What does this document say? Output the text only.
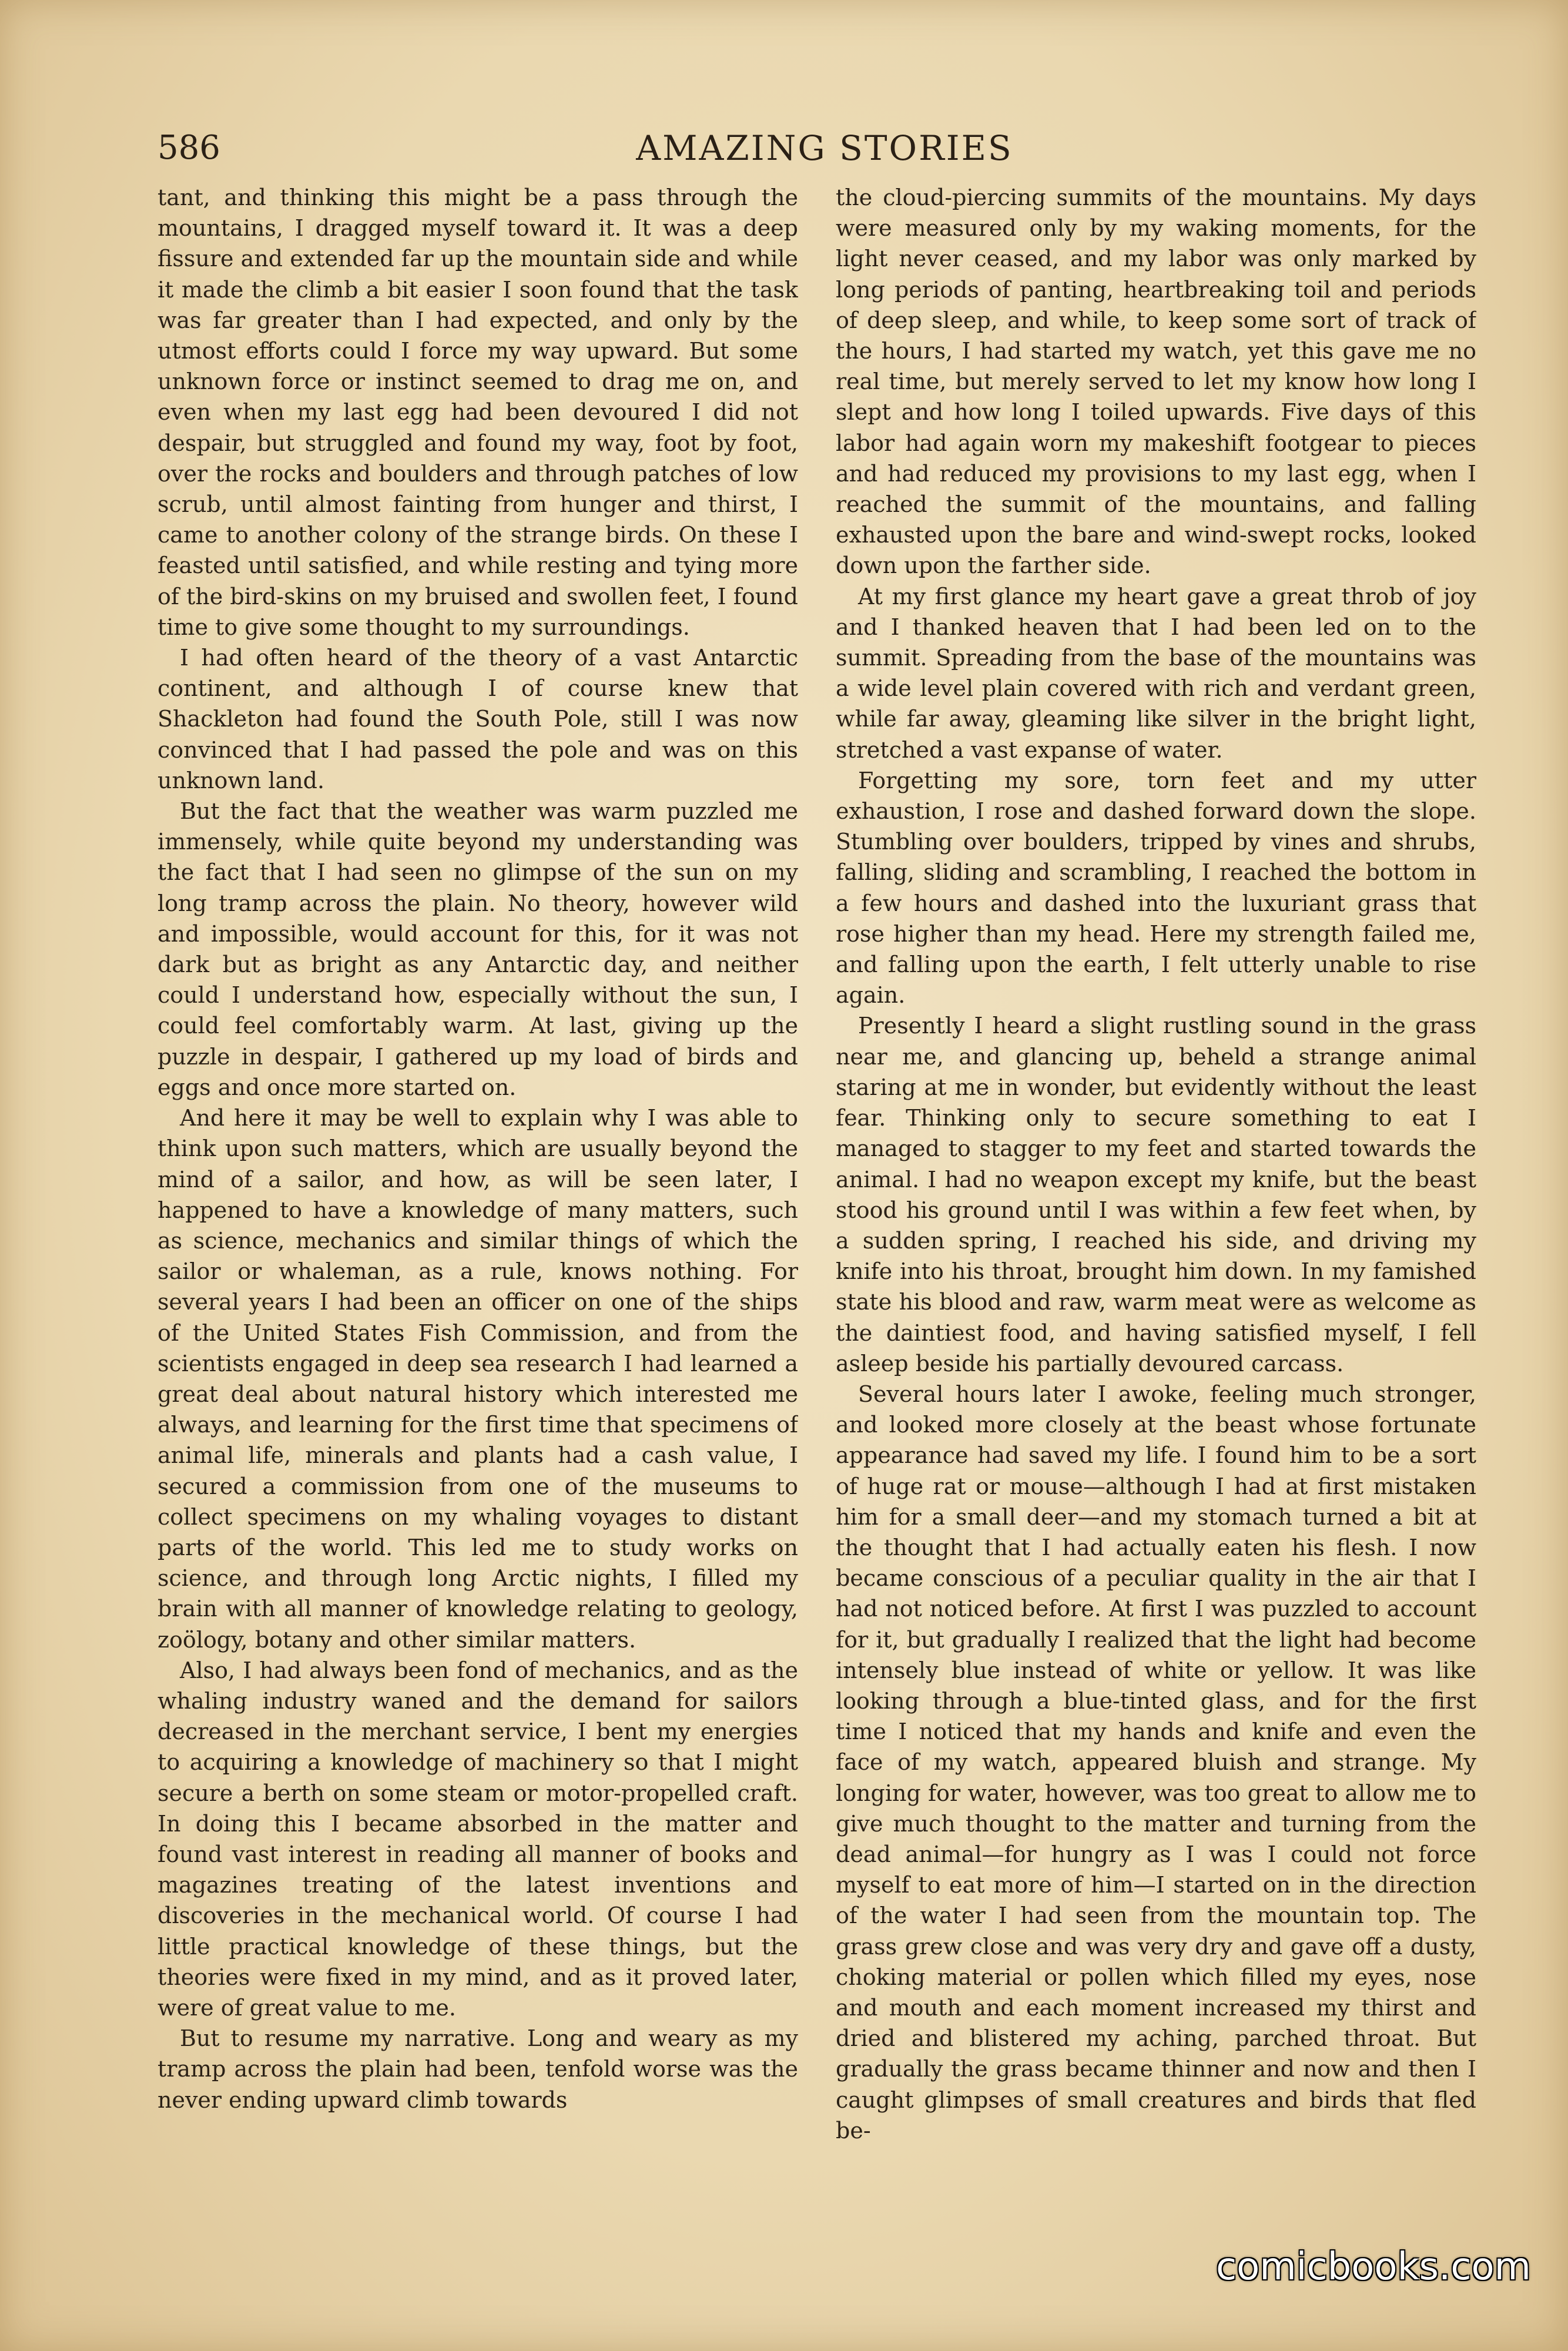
586	AMAZING STORIES

tant, and thinking this might be a pass through the mountains, I dragged myself toward it. It was a deep fissure and extended far up the mountain side and while it made the climb a bit easier I soon found that the task was far greater than I had expected, and only by the utmost efforts could I force my way upward. But some unknown force or instinct seemed to drag me on, and even when my last egg had been devoured I did not despair, but struggled and found my way, foot by foot, over the rocks and boulders and through patches of low scrub, until almost fainting from hunger and thirst, I came to another colony of the strange birds. On these I feasted until satisfied, and while resting and tying more of the bird-skins on my bruised and swollen feet, I found time to give some thought to my surroundings.

I had often heard of the theory of a vast Antarctic continent, and although I of course knew that Shackleton had found the South Pole, still I was now convinced that I had passed the pole and was on this unknown land.

But the fact that the weather was warm puzzled me immensely, while quite beyond my understanding was the fact that I had seen no glimpse of the sun on my long tramp across the plain. No theory, however wild and impossible, would account for this, for it was not dark but as bright as any Antarctic day, and neither could I understand how, especially without the sun, I could feel comfortably warm. At last, giving up the puzzle in despair, I gathered up my load of birds and eggs and once more started on.

And here it may be well to explain why I was able to think upon such matters, which are usually beyond the mind of a sailor, and how, as will be seen later, I happened to have a knowledge of many matters, such as science, mechanics and similar things of which the sailor or whaleman, as a rule, knows nothing. For several years I had been an officer on one of the ships of the United States Fish Commission, and from the scientists engaged in deep sea research I had learned a great deal about natural history which interested me always, and learning for the first time that specimens of animal life, minerals and plants had a cash value, I secured a commission from one of the museums to collect specimens on my whaling voyages to distant parts of the world. This led me to study works on science, and through long Arctic nights, I filled my brain with all manner of knowledge relating to geology, zoölogy, botany and other similar matters.

Also, I had always been fond of mechanics, and as the whaling industry waned and the demand for sailors decreased in the merchant service, I bent my energies to acquiring a knowledge of machinery so that I might secure a berth on some steam or motor-propelled craft. In doing this I became absorbed in the matter and found vast interest in reading all manner of books and magazines treating of the latest inventions and discoveries in the mechanical world. Of course I had little practical knowledge of these things, but the theories were fixed in my mind, and as it proved later, were of great value to me.

But to resume my narrative. Long and weary as my tramp across the plain had been, tenfold worse was the never ending upward climb towards

the cloud-piercing summits of the mountains. My days were measured only by my waking moments, for the light never ceased, and my labor was only marked by long periods of panting, heartbreaking toil and periods of deep sleep, and while, to keep some sort of track of the hours, I had started my watch, yet this gave me no real time, but merely served to let my know how long I slept and how long I toiled upwards. Five days of this labor had again worn my makeshift footgear to pieces and had reduced my provisions to my last egg, when I reached the summit of the mountains, and falling exhausted upon the bare and wind-swept rocks, looked down upon the farther side.

At my first glance my heart gave a great throb of joy and I thanked heaven that I had been led on to the summit. Spreading from the base of the mountains was a wide level plain covered with rich and verdant green, while far away, gleaming like silver in the bright light, stretched a vast expanse of water.

Forgetting my sore, torn feet and my utter exhaustion, I rose and dashed forward down the slope. Stumbling over boulders, tripped by vines and shrubs, falling, sliding and scrambling, I reached the bottom in a few hours and dashed into the luxuriant grass that rose higher than my head. Here my strength failed me, and falling upon the earth, I felt utterly unable to rise again.

Presently I heard a slight rustling sound in the grass near me, and glancing up, beheld a strange animal staring at me in wonder, but evidently without the least fear. Thinking only to secure something to eat I managed to stagger to my feet and started towards the animal. I had no weapon except my knife, but the beast stood his ground until I was within a few feet when, by a sudden spring, I reached his side, and driving my knife into his throat, brought him down. In my famished state his blood and raw, warm meat were as welcome as the daintiest food, and having satisfied myself, I fell asleep beside his partially devoured carcass.

Several hours later I awoke, feeling much stronger, and looked more closely at the beast whose fortunate appearance had saved my life. I found him to be a sort of huge rat or mouse—although I had at first mistaken him for a small deer—and my stomach turned a bit at the thought that I had actually eaten his flesh. I now became conscious of a peculiar quality in the air that I had not noticed before. At first I was puzzled to account for it, but gradually I realized that the light had become intensely blue instead of white or yellow. It was like looking through a blue-tinted glass, and for the first time I noticed that my hands and knife and even the face of my watch, appeared bluish and strange. My longing for water, however, was too great to allow me to give much thought to the matter and turning from the dead animal—for hungry as I was I could not force myself to eat more of him—I started on in the direction of the water I had seen from the mountain top. The grass grew close and was very dry and gave off a dusty, choking material or pollen which filled my eyes, nose and mouth and each moment increased my thirst and dried and blistered my aching, parched throat. But gradually the grass became thinner and now and then I caught glimpses of small creatures and birds that fled be-

comicbooks.com
